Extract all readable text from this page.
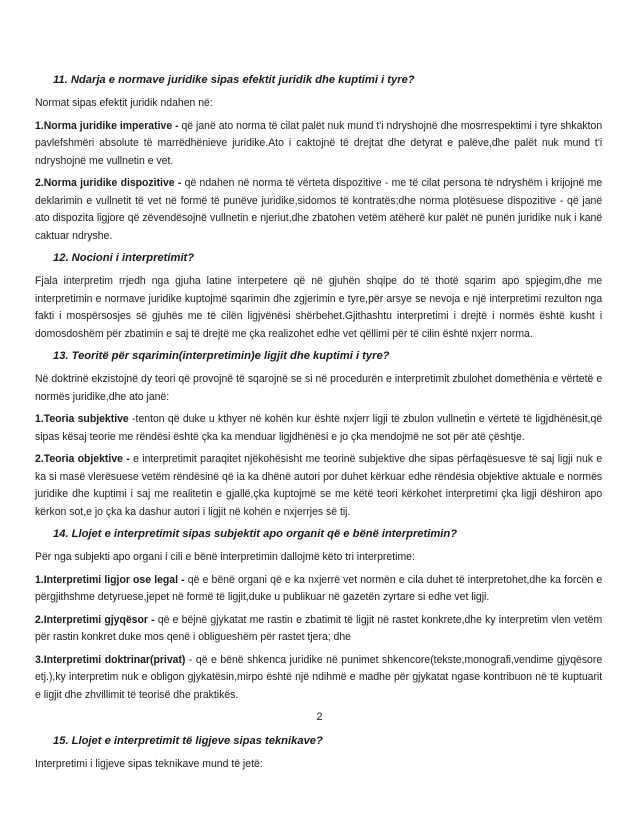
11. Ndarja e normave juridike sipas efektit juridik dhe kuptimi i tyre?

Normat sipas efektit juridik ndahen në:

1.Norma juridike imperative - që janë ato norma të cilat palët nuk mund t'i ndryshojnë dhe mosrrespektimi i tyre shkakton pavlefshmëri absolute të marrëdhënieve juridike.Ato i caktojnë të drejtat dhe detyrat e palëve,dhe palët nuk mund t'i ndryshojnë me vullnetin e vet.

2.Norma juridike dispozitive - që ndahen në norma të vërteta dispozitive - me të cilat persona të ndryshëm i krijojnë me deklarimin e vullnetit të vet në formë të punëve juridike,sidomos të kontratës;dhe norma plotësuese dispozitive - që janë ato dispozita ligjore që zëvendësojnë vullnetin e njeriut,dhe zbatohen vetëm atëherë kur palët në punën juridike nuk i kanë caktuar ndryshe.

12. Nocioni i interpretimit?

Fjala interpretim rrjedh nga gjuha latine interpetere që në gjuhën shqipe do të thotë sqarim apo spjegim,dhe me interpretimin e normave juridike kuptojmë sqarimin dhe zgjerimin e tyre,për arsye se nevoja e një interpretimi rezulton nga fakti i mospërsosjes së gjuhës me të cilën ligjvënësi shërbehet.Gjithashtu interpretimi i drejtë i normës është kusht i domosdoshëm për zbatimin e saj të drejtë me çka realizohet edhe vet qëllimi për të cilin është nxjerr norma.

13. Teoritë për sqarimin(interpretimin)e ligjit dhe kuptimi i tyre?

Në doktrinë ekzistojnë dy teori që provojnë të sqarojnë se si në procedurën e interpretimit zbulohet domethënia e vërtetë e normës juridike,dhe ato janë:

1.Teoria subjektive -tenton që duke u kthyer në kohën kur është nxjerr ligji të zbulon vullnetin e vërtetë të ligjdhënësit,që sipas kësaj teorie me rëndësi është çka ka menduar ligjdhënësi e jo çka mendojmë ne sot për atë çështje.

2.Teoria objektive - e interpretimit paraqitet njëkohësisht me teorinë subjektive dhe sipas përfaqësuesve të saj ligji nuk e ka si masë vlerësuese vetëm rëndësinë që ia ka dhënë autori por duhet kërkuar edhe rëndësia objektive aktuale e normës juridike dhe kuptimi i saj me realitetin e gjallë,çka kuptojmë se me këtë teori kërkohet interpretimi çka ligji dëshiron apo kërkon sot,e jo çka ka dashur autori i ligjit në kohën e nxjerrjes së tij.

14. Llojet e interpretimit sipas subjektit apo organit që e bënë interpretimin?

Për nga subjekti apo organi i cili e bënë interpretimin dallojmë këto tri interpretime:

1.Interpretimi ligjor ose legal - që e bënë organi që e ka nxjerrë vet normën e cila duhet të interpretohet,dhe ka forcën e përgjithshme detyruese,jepet në formë të ligjit,duke u publikuar në gazetën zyrtare si edhe vet ligji.

2.Interpretimi gjyqësor - që e bëjnë gjykatat me rastin e zbatimit të ligjit në rastet konkrete,dhe ky interpretim vlen vetëm për rastin konkret duke mos qenë i obligueshëm për rastet tjera; dhe

3.Interpretimi doktrinar(privat) - që e bënë shkenca juridike në punimet shkencore(tekste,monografi,vendime gjyqësore etj.),ky interpretim nuk e obligon gjykatësin,mirpo është një ndihmë e madhe për gjykatat ngase kontribuon në të kuptuarit e ligjit dhe zhvillimit të teorisë dhe praktikës.

2
15. Llojet e interpretimit të ligjeve sipas teknikave?

Interpretimi i ligjeve sipas teknikave mund të jetë:
